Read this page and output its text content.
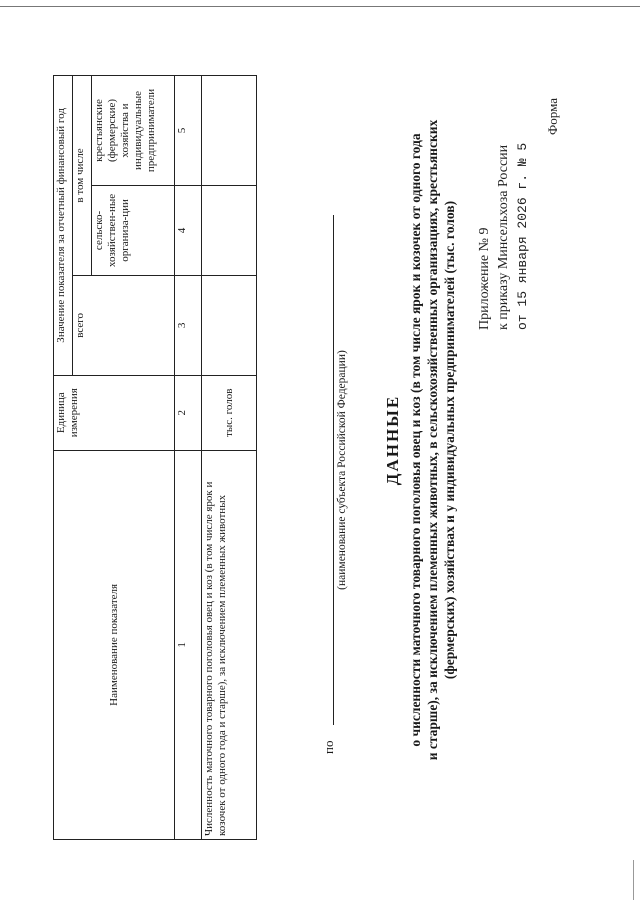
Приложение № 9 к приказу Минсельхоза России от 15 января 2026 г. № 5
Форма
ДАННЫЕ о численности маточного товарного поголовья овец и коз (в том числе ярок и козочек от одного года и старше), за исключением племенных животных, в сельскохозяйственных организациях, крестьянских (фермерских) хозяйствах и у индивидуальных предпринимателей (тыс. голов)
по
(наименование субъекта Российской Федерации)
Наименование показателя	Единица измерения	Значение показателя за отчетный финансовый год		
		всего	в том числе	
			сельско-хозяйствен-ные организа-ции	крестьянские (фермерские) хозяйства и индивидуальные предприниматели
1	2	3	4	5
Численность маточного товарного поголовья овец и коз (в том числе ярок и козочек от одного года и старше), за исключением племенных животных	тыс. голов			
